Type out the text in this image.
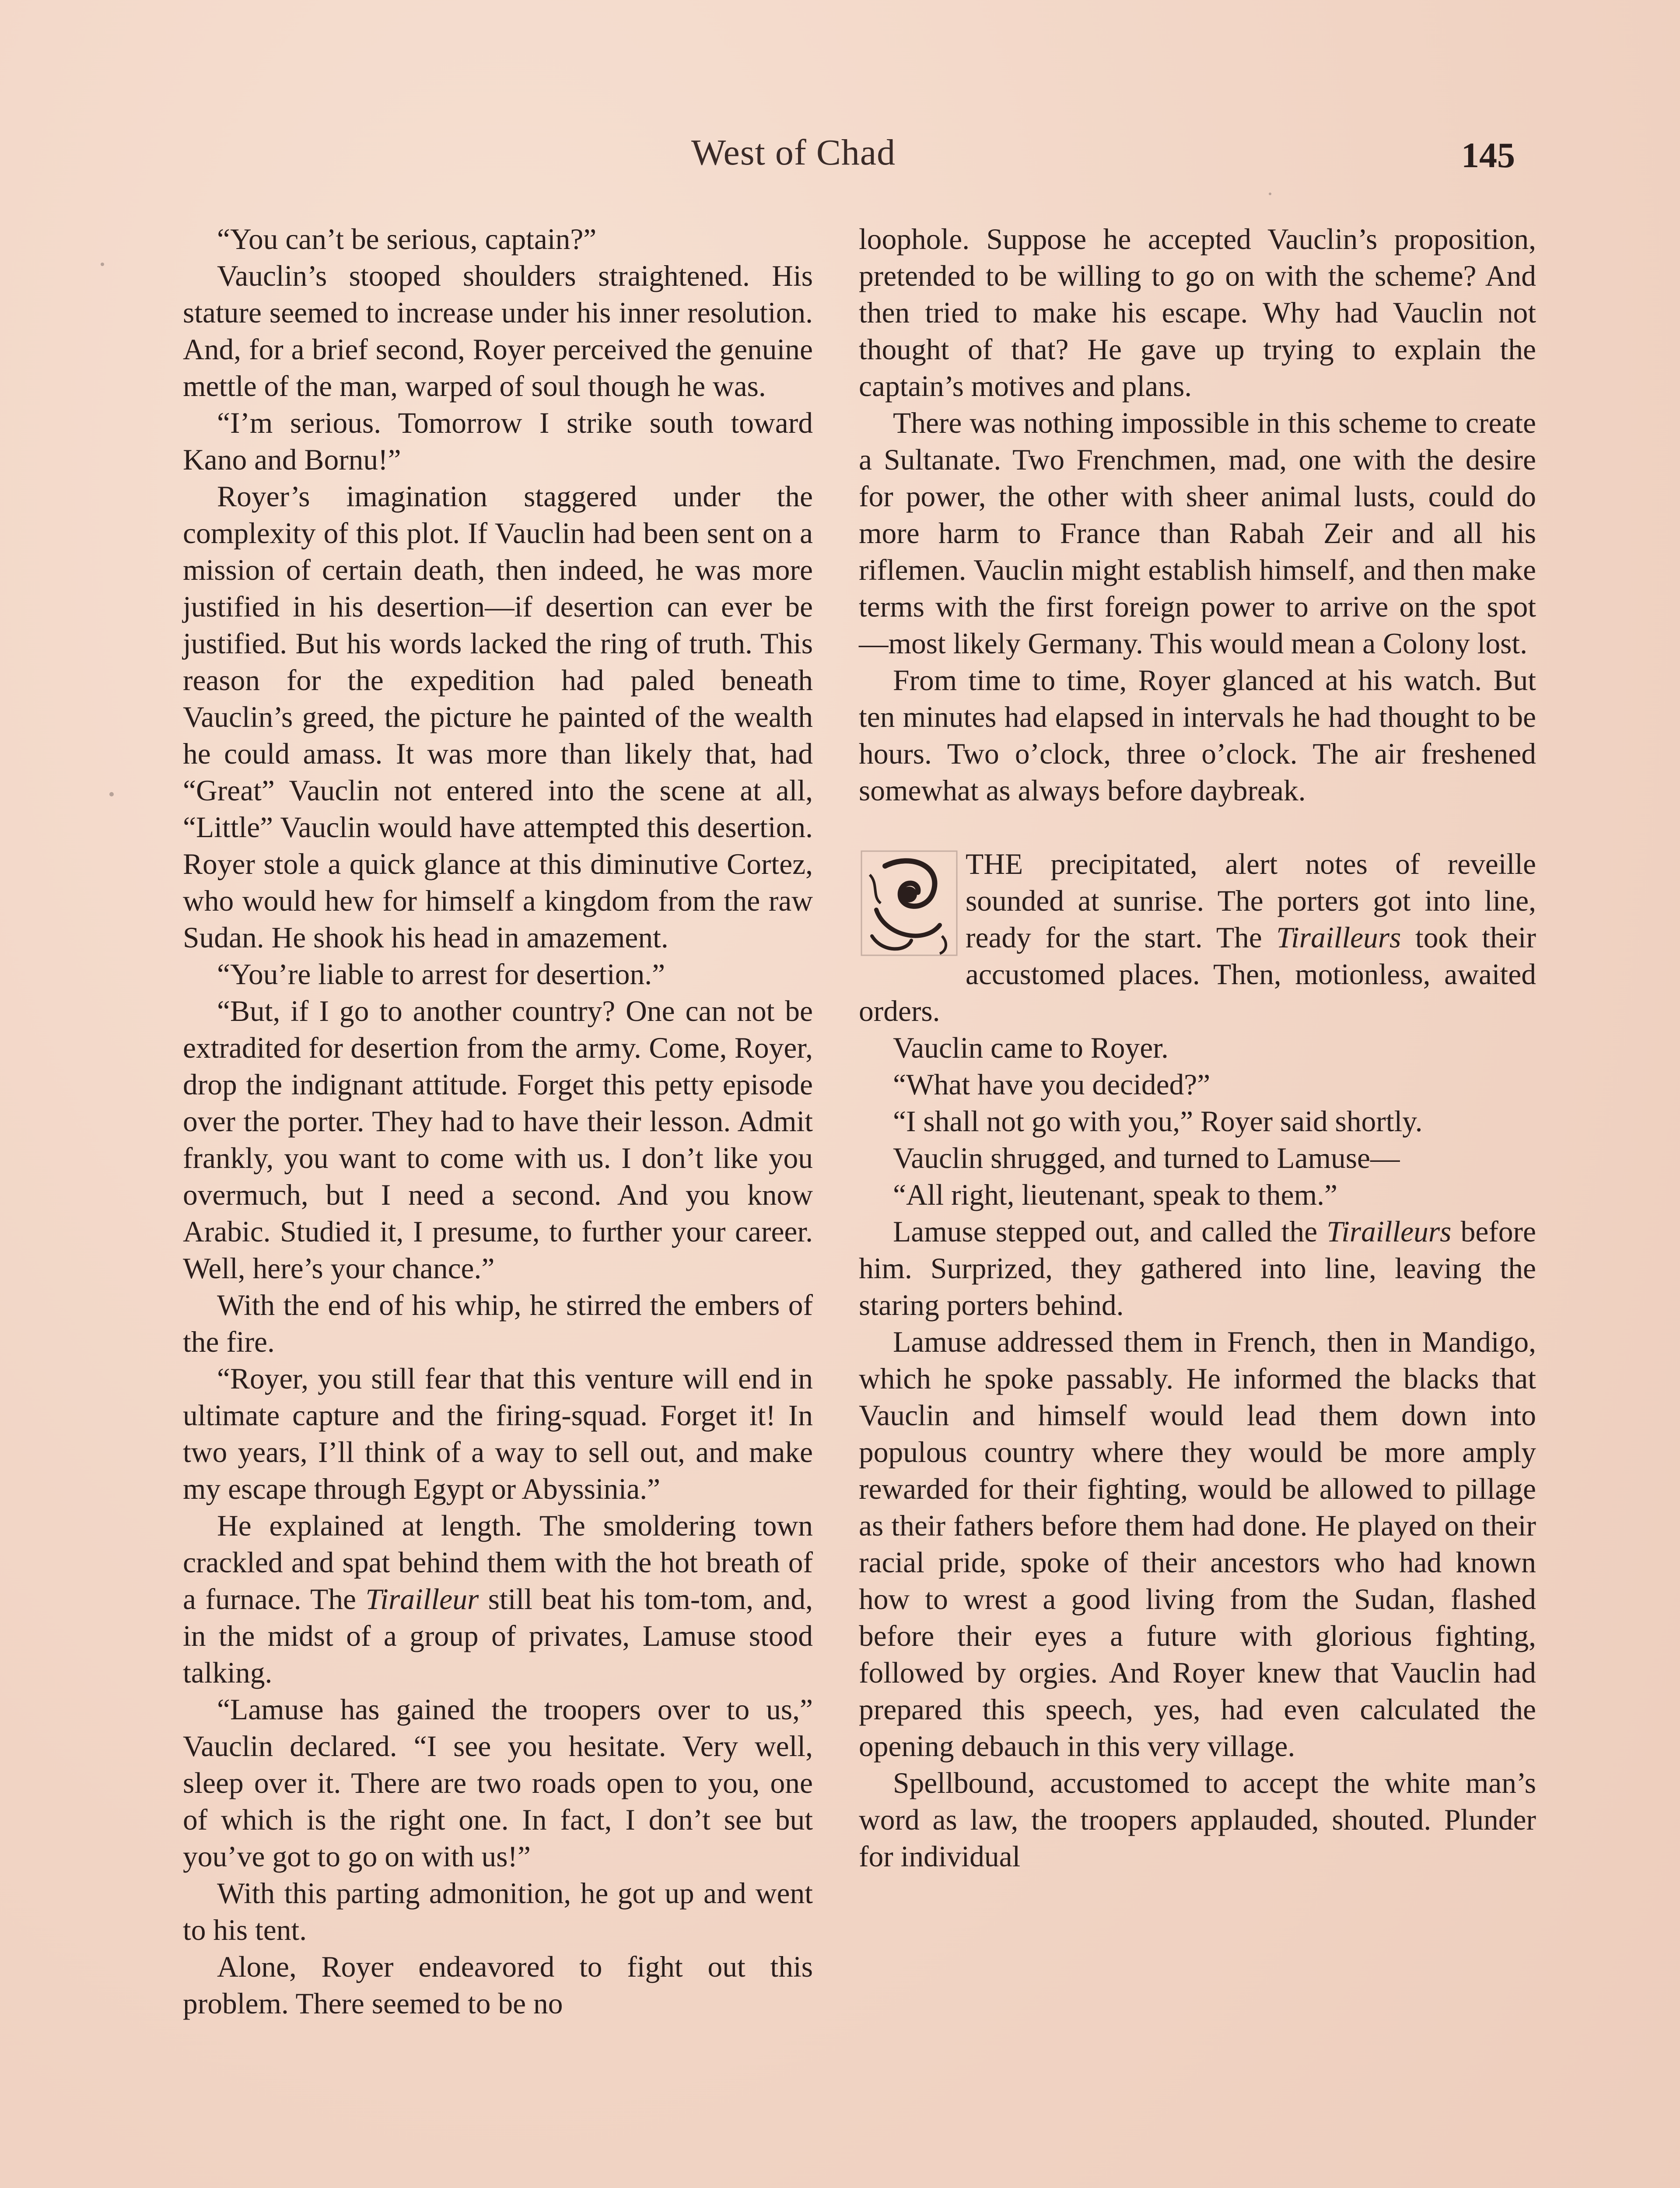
West of Chad	145

“You can’t be serious, captain?”

Vauclin’s stooped shoulders straightened. His stature seemed to increase under his inner resolution. And, for a brief second, Royer perceived the genuine mettle of the man, warped of soul though he was.

“I’m serious. Tomorrow I strike south toward Kano and Bornu!”

Royer’s imagination staggered under the complexity of this plot. If Vauclin had been sent on a mission of certain death, then indeed, he was more justified in his desertion—if desertion can ever be justified. But his words lacked the ring of truth. This reason for the expedition had paled beneath Vauclin’s greed, the picture he painted of the wealth he could amass. It was more than likely that, had “Great” Vauclin not entered into the scene at all, “Little” Vauclin would have attempted this desertion. Royer stole a quick glance at this diminutive Cortez, who would hew for himself a kingdom from the raw Sudan. He shook his head in amazement.

“You’re liable to arrest for desertion.”

“But, if I go to another country? One can not be extradited for desertion from the army. Come, Royer, drop the indignant attitude. Forget this petty episode over the porter. They had to have their lesson. Admit frankly, you want to come with us. I don’t like you overmuch, but I need a second. And you know Arabic. Studied it, I presume, to further your career. Well, here’s your chance.”

With the end of his whip, he stirred the embers of the fire.

“Royer, you still fear that this venture will end in ultimate capture and the firing-squad. Forget it! In two years, I’ll think of a way to sell out, and make my escape through Egypt or Abyssinia.”

He explained at length. The smoldering town crackled and spat behind them with the hot breath of a furnace. The Tirailleur still beat his tom-tom, and, in the midst of a group of privates, Lamuse stood talking.

“Lamuse has gained the troopers over to us,” Vauclin declared. “I see you hesitate. Very well, sleep over it. There are two roads open to you, one of which is the right one. In fact, I don’t see but you’ve got to go on with us!”

With this parting admonition, he got up and went to his tent.

Alone, Royer endeavored to fight out this problem. There seemed to be no

loophole. Suppose he accepted Vauclin’s proposition, pretended to be willing to go on with the scheme? And then tried to make his escape. Why had Vauclin not thought of that? He gave up trying to explain the captain’s motives and plans.

There was nothing impossible in this scheme to create a Sultanate. Two Frenchmen, mad, one with the desire for power, the other with sheer animal lusts, could do more harm to France than Rabah Zeir and all his riflemen. Vauclin might establish himself, and then make terms with the first foreign power to arrive on the spot —most likely Germany. This would mean a Colony lost.

From time to time, Royer glanced at his watch. But ten minutes had elapsed in intervals he had thought to be hours. Two o’clock, three o’clock. The air freshened somewhat as always before daybreak.

THE precipitated, alert notes of reveille sounded at sunrise. The porters got into line, ready for the start. The Tirailleurs took their accustomed places. Then, motionless, awaited orders.

Vauclin came to Royer.

“What have you decided?”

“I shall not go with you,” Royer said shortly.

Vauclin shrugged, and turned to Lamuse—

“All right, lieutenant, speak to them.”

Lamuse stepped out, and called the Tirailleurs before him. Surprized, they gathered into line, leaving the staring porters behind.

Lamuse addressed them in French, then in Mandigo, which he spoke passably. He informed the blacks that Vauclin and himself would lead them down into populous country where they would be more amply rewarded for their fighting, would be allowed to pillage as their fathers before them had done. He played on their racial pride, spoke of their ancestors who had known how to wrest a good living from the Sudan, flashed before their eyes a future with glorious fighting, followed by orgies. And Royer knew that Vauclin had prepared this speech, yes, had even calculated the opening debauch in this very village.

Spellbound, accustomed to accept the white man’s word as law, the troopers applauded, shouted. Plunder for individual
